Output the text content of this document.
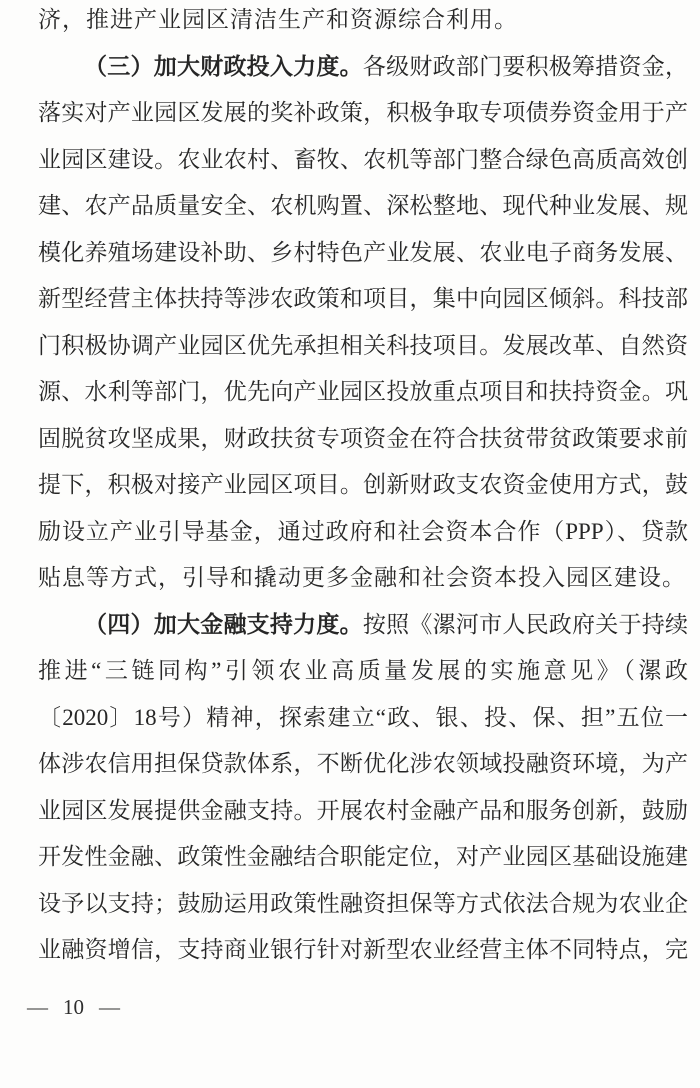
济，推进产业园区清洁生产和资源综合利用。
（三）加大财政投入力度。各级财政部门要积极筹措资金，
落实对产业园区发展的奖补政策，积极争取专项债券资金用于产
业园区建设。农业农村、畜牧、农机等部门整合绿色高质高效创
建、农产品质量安全、农机购置、深松整地、现代种业发展、规
模化养殖场建设补助、乡村特色产业发展、农业电子商务发展、
新型经营主体扶持等涉农政策和项目，集中向园区倾斜。科技部
门积极协调产业园区优先承担相关科技项目。发展改革、自然资
源、水利等部门，优先向产业园区投放重点项目和扶持资金。巩
固脱贫攻坚成果，财政扶贫专项资金在符合扶贫带贫政策要求前
提下，积极对接产业园区项目。创新财政支农资金使用方式，鼓
励设立产业引导基金，通过政府和社会资本合作（PPP）、贷款
贴息等方式，引导和撬动更多金融和社会资本投入园区建设。
（四）加大金融支持力度。按照《漯河市人民政府关于持续
推进“三链同构”引领农业高质量发展的实施意见》（漯政
〔2020〕18号）精神，探索建立“政、银、投、保、担”五位一
体涉农信用担保贷款体系，不断优化涉农领域投融资环境，为产
业园区发展提供金融支持。开展农村金融产品和服务创新，鼓励
开发性金融、政策性金融结合职能定位，对产业园区基础设施建
设予以支持；鼓励运用政策性融资担保等方式依法合规为农业企
业融资增信，支持商业银行针对新型农业经营主体不同特点，完
— 10 —
